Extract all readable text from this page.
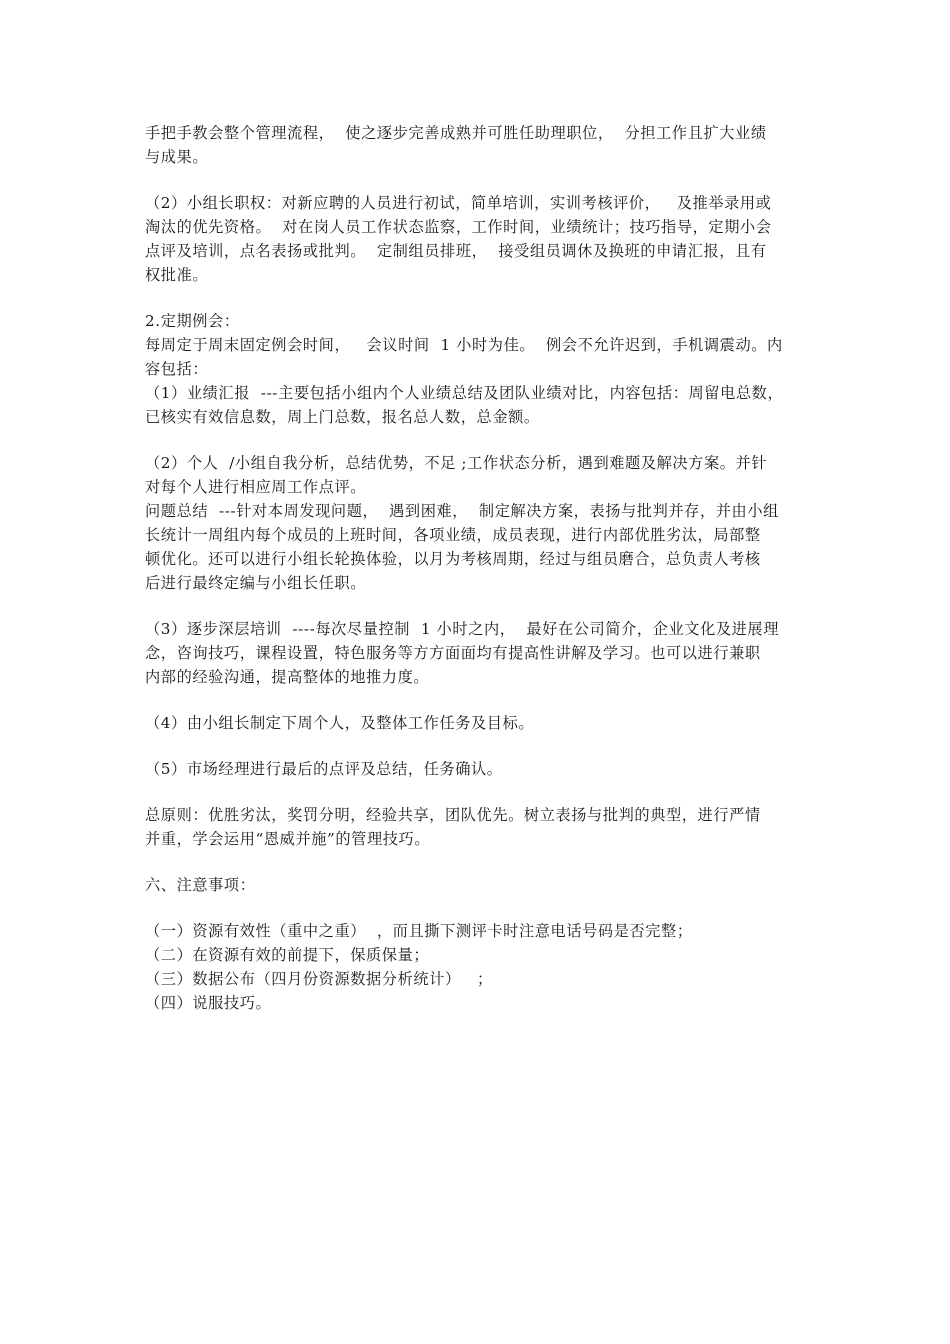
手把手教会整个管理流程，  使之逐步完善成熟并可胜任助理职位，  分担工作且扩大业绩
与成果。
（2）小组长职权：对新应聘的人员进行初试，简单培训，实训考核评价，   及推举录用或
淘汰的优先资格。  对在岗人员工作状态监察，工作时间，业绩统计；技巧指导，定期小会
点评及培训，点名表扬或批判。  定制组员排班，  接受组员调休及换班的申请汇报，且有
权批准。
2.定期例会：
每周定于周末固定例会时间，   会议时间  1 小时为佳。  例会不允许迟到，手机调震动。内
容包括：
（1）业绩汇报  ---主要包括小组内个人业绩总结及团队业绩对比，内容包括：周留电总数，
已核实有效信息数，周上门总数，报名总人数，总金额。
（2）个人  /小组自我分析，总结优势，不足 ;工作状态分析，遇到难题及解决方案。并针
对每个人进行相应周工作点评。
问题总结  ---针对本周发现问题，  遇到困难，  制定解决方案，表扬与批判并存，并由小组
长统计一周组内每个成员的上班时间，各项业绩，成员表现，进行内部优胜劣汰，局部整
顿优化。还可以进行小组长轮换体验，以月为考核周期，经过与组员磨合，总负责人考核
后进行最终定编与小组长任职。
（3）逐步深层培训  ----每次尽量控制  1 小时之内，  最好在公司简介，企业文化及进展理
念，咨询技巧，课程设置，特色服务等方方面面均有提高性讲解及学习。也可以进行兼职
内部的经验沟通，提高整体的地推力度。
（4）由小组长制定下周个人，及整体工作任务及目标。
（5）市场经理进行最后的点评及总结，任务确认。
总原则：优胜劣汰，奖罚分明，经验共享，团队优先。树立表扬与批判的典型，进行严情
并重，学会运用“恩威并施”的管理技巧。
六、注意事项：
（一）资源有效性（重中之重）  ，而且撕下测评卡时注意电话号码是否完整；
（二）在资源有效的前提下，保质保量；
（三）数据公布（四月份资源数据分析统计）   ；
（四）说服技巧。
